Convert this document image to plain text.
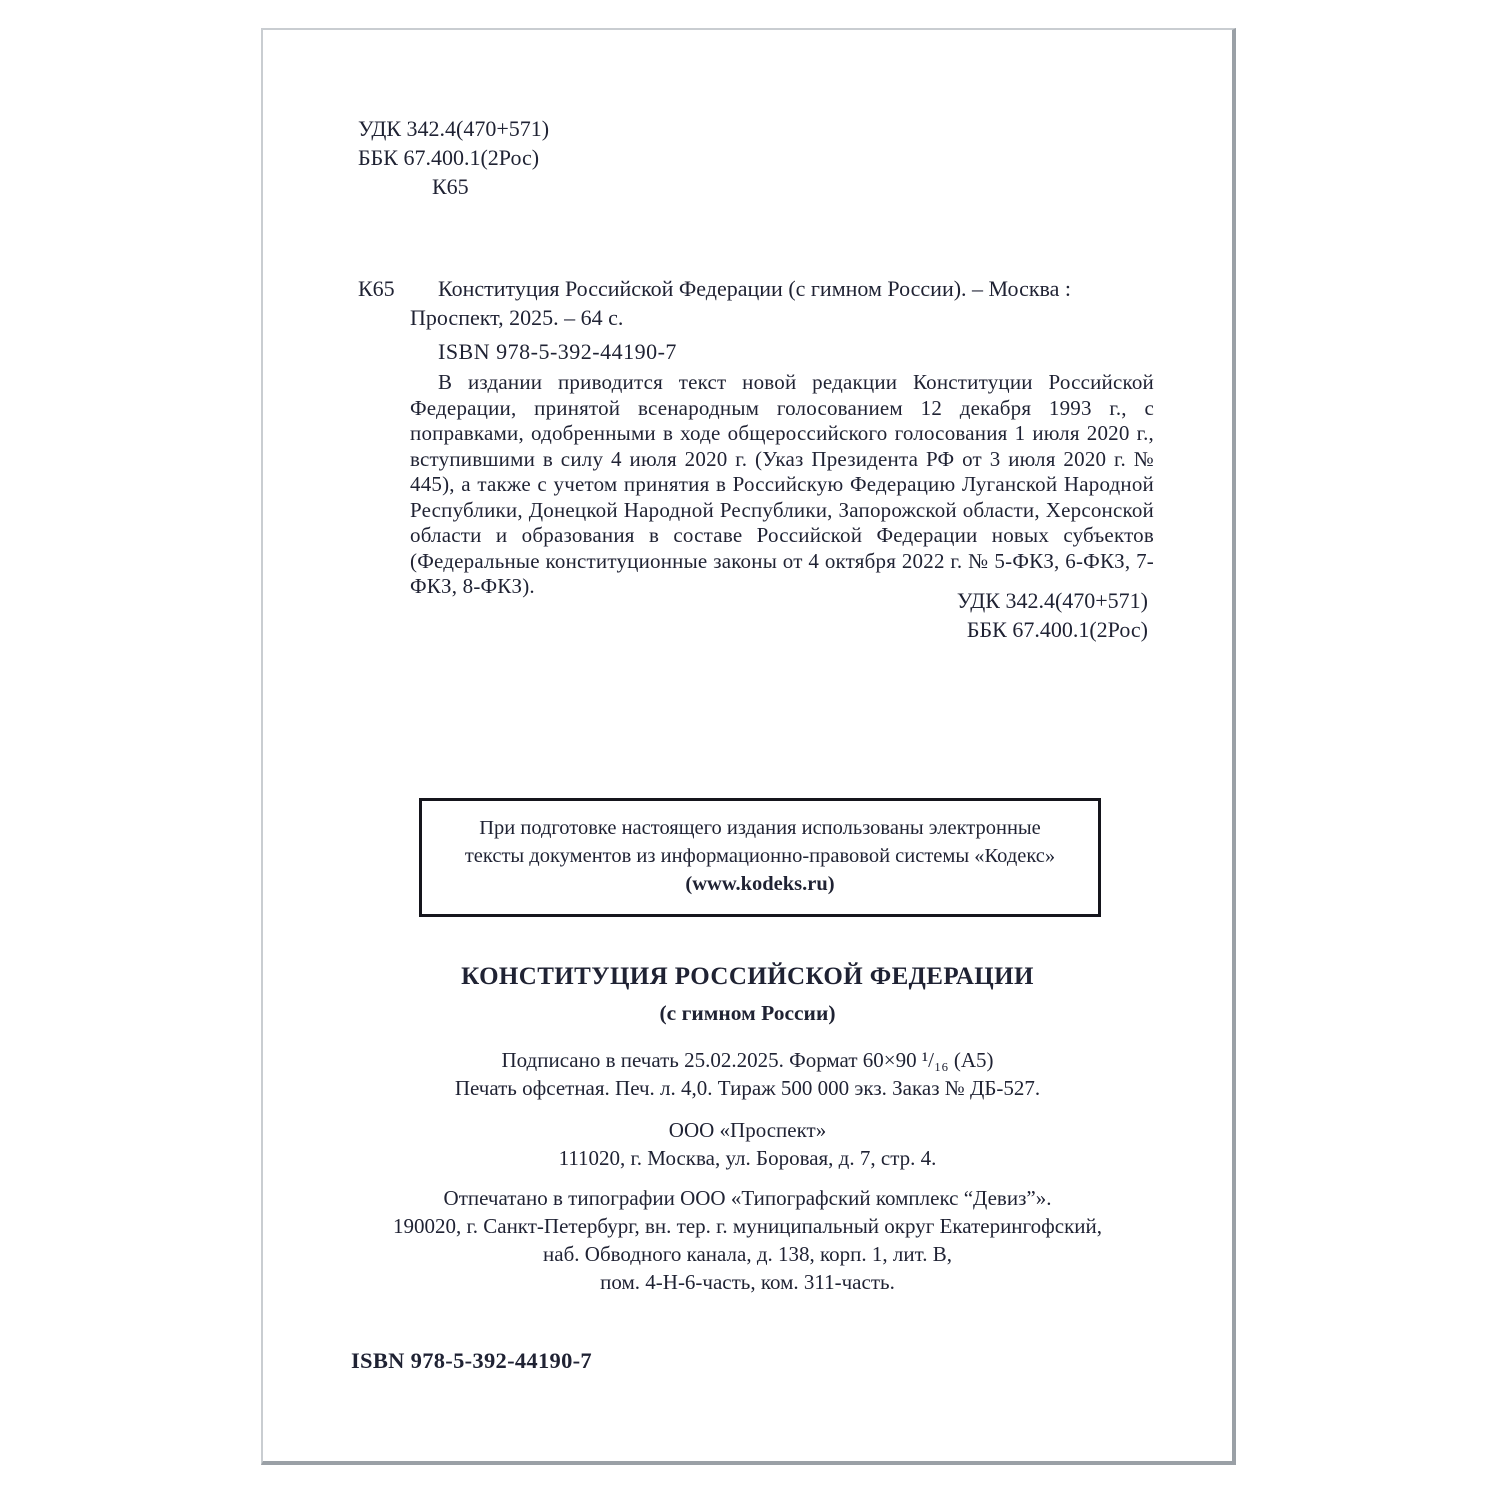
УДК 342.4(470+571)
ББК 67.400.1(2Рос)
К65
К65 Конституция Российской Федерации (с гимном России). – Москва :
Проспект, 2025. – 64 с.
ISBN 978-5-392-44190-7
В издании приводится текст новой редакции Конституции Российской Федерации, принятой всенародным голосованием 12 декабря 1993 г., с поправками, одобренными в ходе общероссийского голосования 1 июля 2020 г., вступившими в силу 4 июля 2020 г. (Указ Президента РФ от 3 июля 2020 г. № 445), а также с учетом принятия в Российскую Федерацию Луганской Народной Республики, Донецкой Народной Республики, Запорожской области, Херсонской области и образования в составе Российской Федерации новых субъектов (Федеральные конституционные законы от 4 октября 2022 г. № 5-ФКЗ, 6-ФКЗ, 7-ФКЗ, 8-ФКЗ).
УДК 342.4(470+571)
ББК 67.400.1(2Рос)
При подготовке настоящего издания использованы электронные
тексты документов из информационно-правовой системы «Кодекс»
(www.kodeks.ru)
КОНСТИТУЦИЯ РОССИЙСКОЙ ФЕДЕРАЦИИ
(с гимном России)
Подписано в печать 25.02.2025. Формат 60×90 ¹/₁₆ (А5)
Печать офсетная. Печ. л. 4,0. Тираж 500 000 экз. Заказ № ДБ-527.
ООО «Проспект»
111020, г. Москва, ул. Боровая, д. 7, стр. 4.
Отпечатано в типографии ООО «Типографский комплекс “Девиз”».
190020, г. Санкт-Петербург, вн. тер. г. муниципальный округ Екатерингофский,
наб. Обводного канала, д. 138, корп. 1, лит. В,
пом. 4-Н-6-часть, ком. 311-часть.
ISBN 978-5-392-44190-7
